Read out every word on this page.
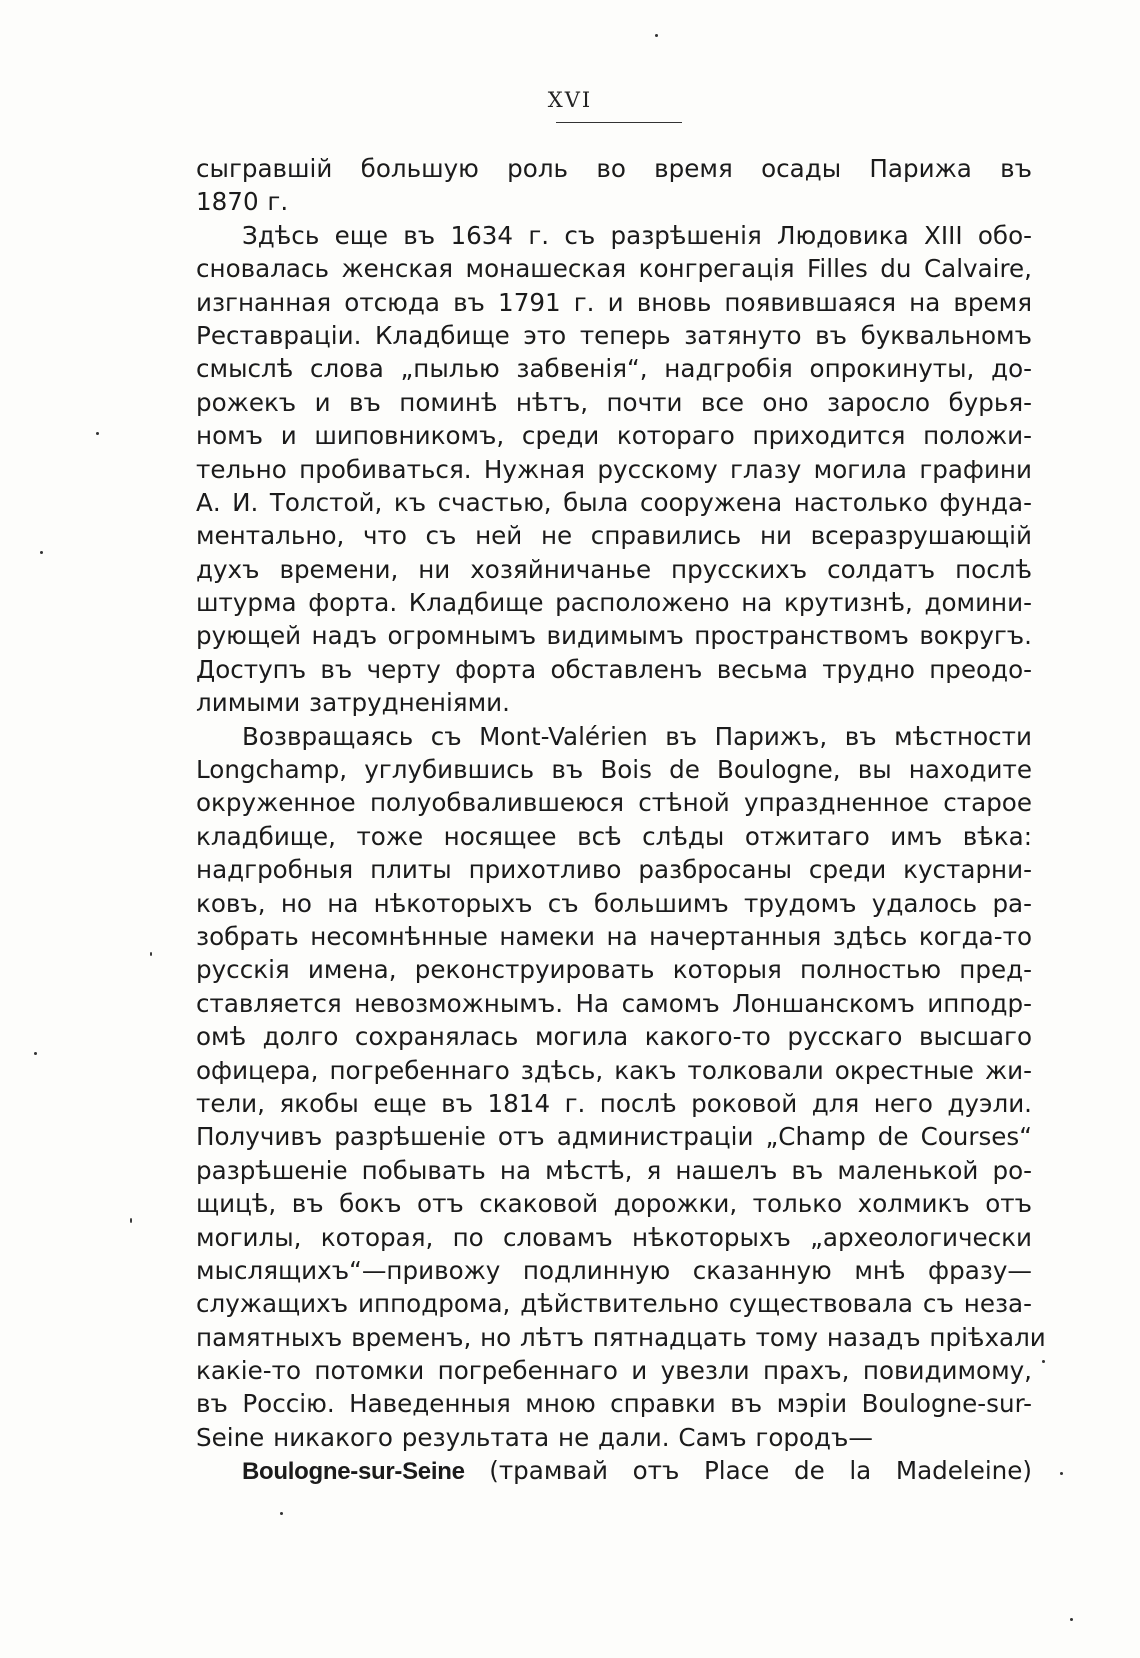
XVI
сыгравшій большую роль во время осады Парижа въ
1870 г.
Здѣсь еще въ 1634 г. съ разрѣшенія Людовика XIII обо-
сновалась женская монашеская конгрегація Filles du Calvaire,
изгнанная отсюда въ 1791 г. и вновь появившаяся на время
Реставраціи. Кладбище это теперь затянуто въ буквальномъ
смыслѣ слова „пылью забвенія“, надгробія опрокинуты, до-
рожекъ и въ поминѣ нѣтъ, почти все оно заросло бурья-
номъ и шиповникомъ, среди котораго приходится положи-
тельно пробиваться. Нужная русскому глазу могила графини
А. И. Толстой, къ счастью, была сооружена настолько фунда-
ментально, что съ ней не справились ни всеразрушающій
духъ времени, ни хозяйничанье прусскихъ солдатъ послѣ
штурма форта. Кладбище расположено на крутизнѣ, домини-
рующей надъ огромнымъ видимымъ пространствомъ вокругъ.
Доступъ въ черту форта обставленъ весьма трудно преодо-
лимыми затрудненіями.
Возвращаясь съ Mont-Valérien въ Парижъ, въ мѣстности
Longchamp, углубившись въ Bois de Boulogne, вы находите
окруженное полуобвалившеюся стѣной упраздненное старое
кладбище, тоже носящее всѣ слѣды отжитаго имъ вѣка:
надгробныя плиты прихотливо разбросаны среди кустарни-
ковъ, но на нѣкоторыхъ съ большимъ трудомъ удалось ра-
зобрать несомнѣнные намеки на начертанныя здѣсь когда-то
русскія имена, реконструировать которыя полностью пред-
ставляется невозможнымъ. На самомъ Лоншанскомъ ипподр-
омѣ долго сохранялась могила какого-то русскаго высшаго
офицера, погребеннаго здѣсь, какъ толковали окрестные жи-
тели, якобы еще въ 1814 г. послѣ роковой для него дуэли.
Получивъ разрѣшеніе отъ администраціи „Champ de Courses“
разрѣшеніе побывать на мѣстѣ, я нашелъ въ маленькой ро-
щицѣ, въ бокъ отъ скаковой дорожки, только холмикъ отъ
могилы, которая, по словамъ нѣкоторыхъ „археологически
мыслящихъ“—привожу подлинную сказанную мнѣ фразу—
служащихъ ипподрома, дѣйствительно существовала съ неза-
памятныхъ временъ, но лѣтъ пятнадцать тому назадъ пріѣхали
какіе-то потомки погребеннаго и увезли прахъ, повидимому,
въ Россію. Наведенныя мною справки въ мэріи Boulogne-sur-
Seine никакого результата не дали. Самъ городъ—
Boulogne-sur-Seine (трамвай отъ Place de la Madeleine)
